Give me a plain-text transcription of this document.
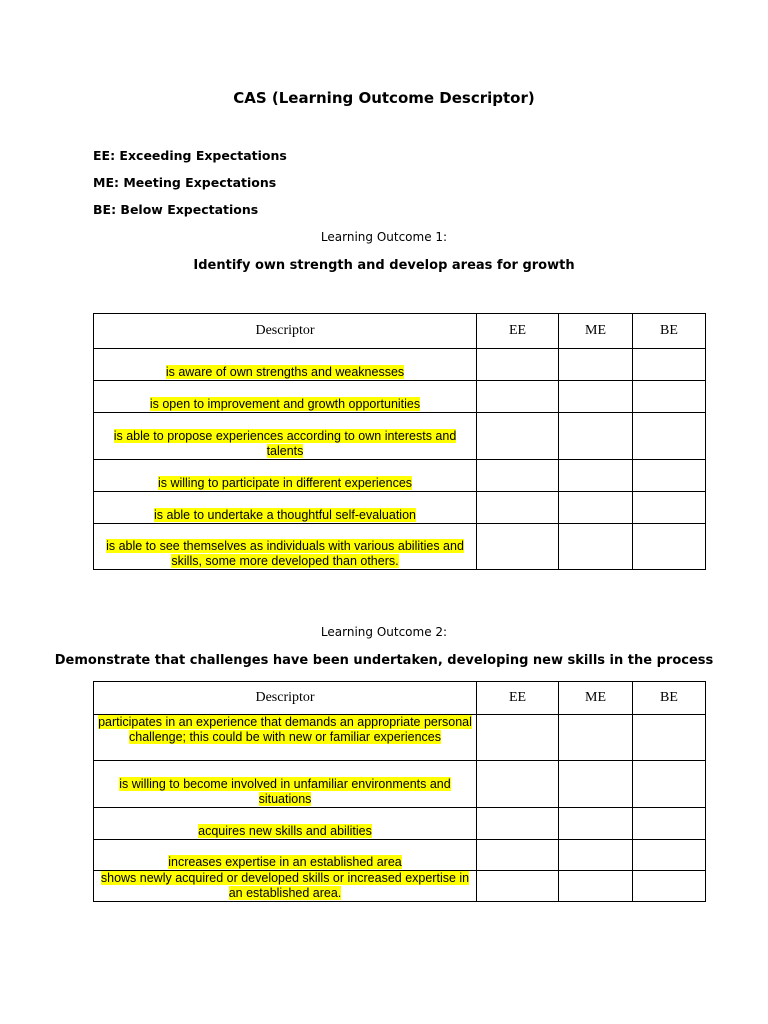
CAS (Learning Outcome Descriptor)
EE: Exceeding Expectations
ME: Meeting Expectations
BE: Below Expectations
Learning Outcome 1:
Identify own strength and develop areas for growth
Descriptor	EE	ME	BE
is aware of own strengths and weaknesses			
is open to improvement and growth opportunities			
is able to propose experiences according to own interests and talents			
is willing to participate in different experiences			
is able to undertake a thoughtful self-evaluation			
is able to see themselves as individuals with various abilities and skills, some more developed than others.			
Learning Outcome 2:
Demonstrate that challenges have been undertaken, developing new skills in the process
Descriptor	EE	ME	BE
participates in an experience that demands an appropriate personal challenge; this could be with new or familiar experiences			
is willing to become involved in unfamiliar environments and situations			
acquires new skills and abilities			
increases expertise in an established area			
shows newly acquired or developed skills or increased expertise in an established area.			
